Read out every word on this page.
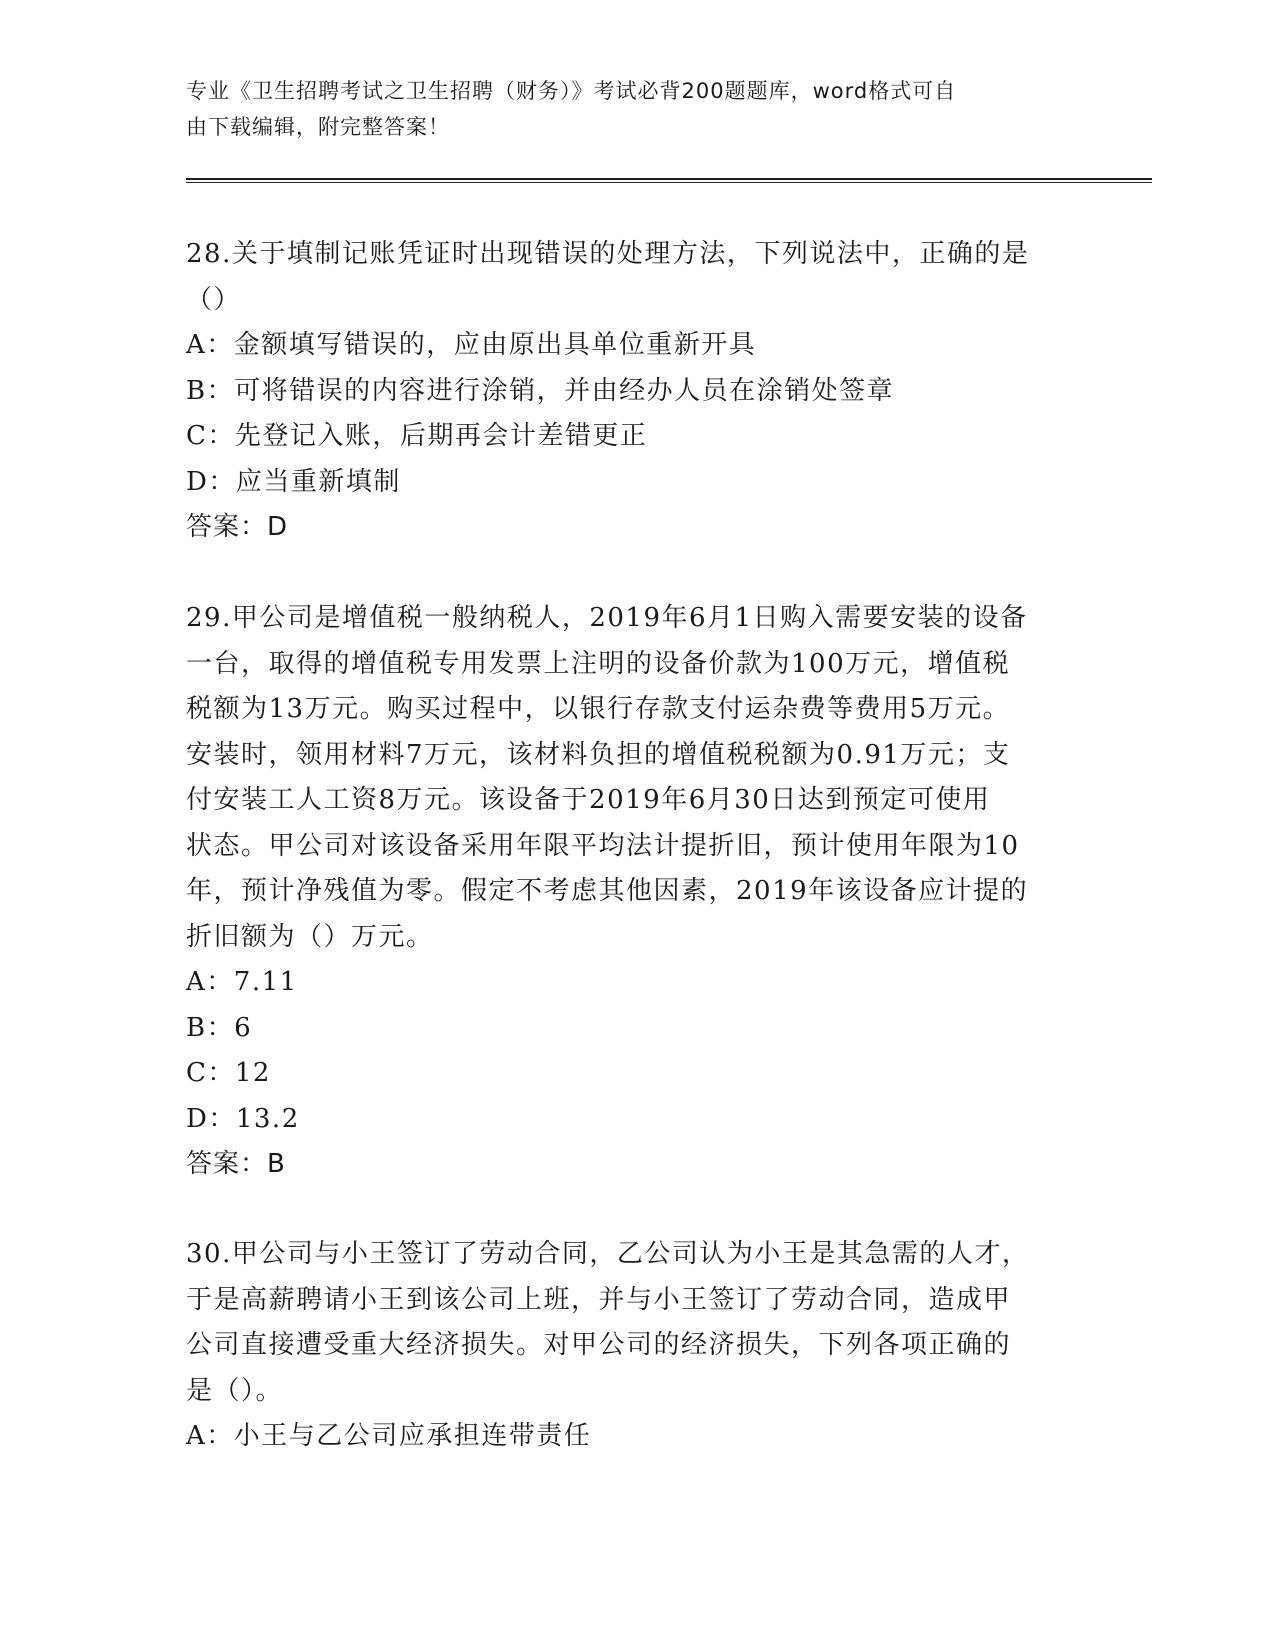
专业《卫生招聘考试之卫生招聘（财务）》考试必背200题题库，word格式可自
由下载编辑，附完整答案！

28.关于填制记账凭证时出现错误的处理方法，下列说法中，正确的是

（）

A：金额填写错误的，应由原出具单位重新开具

B：可将错误的内容进行涂销，并由经办人员在涂销处签章

C：先登记入账，后期再会计差错更正

D：应当重新填制

答案：D

29.甲公司是增值税一般纳税人，2019年6月1日购入需要安装的设备

一台，取得的增值税专用发票上注明的设备价款为100万元，增值税

税额为13万元。购买过程中，以银行存款支付运杂费等费用5万元。

安装时，领用材料7万元，该材料负担的增值税税额为0.91万元；支

付安装工人工资8万元。该设备于2019年6月30日达到预定可使用

状态。甲公司对该设备采用年限平均法计提折旧，预计使用年限为10

年，预计净残值为零。假定不考虑其他因素，2019年该设备应计提的

折旧额为（）万元。

A：7.11

B：6

C：12

D：13.2

答案：B

30.甲公司与小王签订了劳动合同，乙公司认为小王是其急需的人才，

于是高薪聘请小王到该公司上班，并与小王签订了劳动合同，造成甲

公司直接遭受重大经济损失。对甲公司的经济损失，下列各项正确的

是（）。

A：小王与乙公司应承担连带责任
